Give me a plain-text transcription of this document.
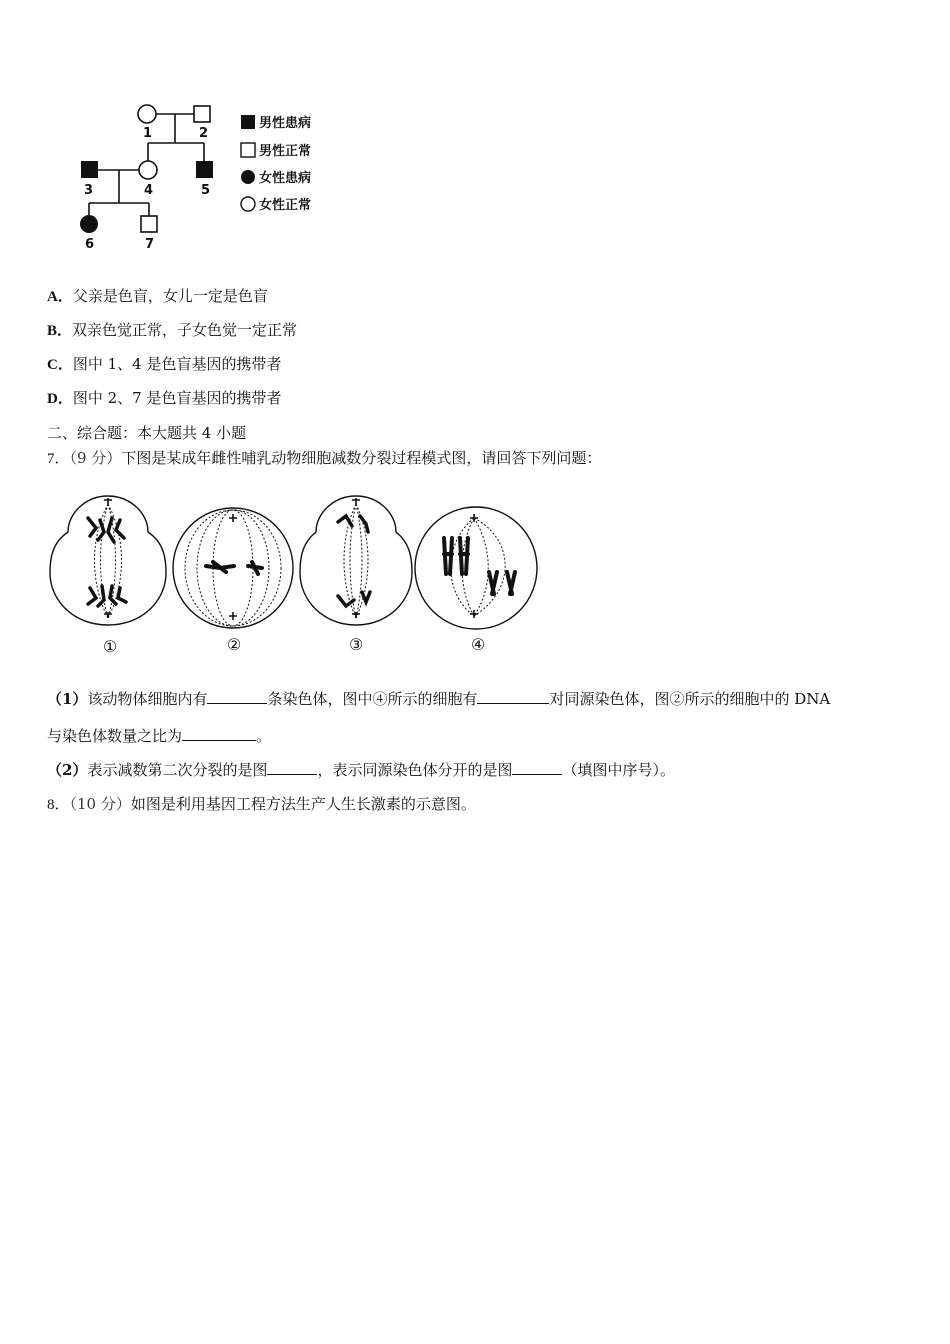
1	2
3	4	5
6	7
男性患病
男性正常
女性患病
女性正常
A．父亲是色盲，女儿一定是色盲
B．双亲色觉正常，子女色觉一定正常
C．图中 1、4 是色盲基因的携带者
D．图中 2、7 是色盲基因的携带者
二、综合题：本大题共 4 小题
7．（9 分）下图是某成年雌性哺乳动物细胞减数分裂过程模式图，请回答下列问题：
①	②	③	④
（1）该动物体细胞内有	条染色体，图中④所示的细胞有	对同源染色体，图②所示的细胞中的 DNA
与染色体数量之比为	。
（2）表示减数第二次分裂的是图	，表示同源染色体分开的是图	（填图中序号）。
8．（10 分）如图是利用基因工程方法生产人生长激素的示意图。
